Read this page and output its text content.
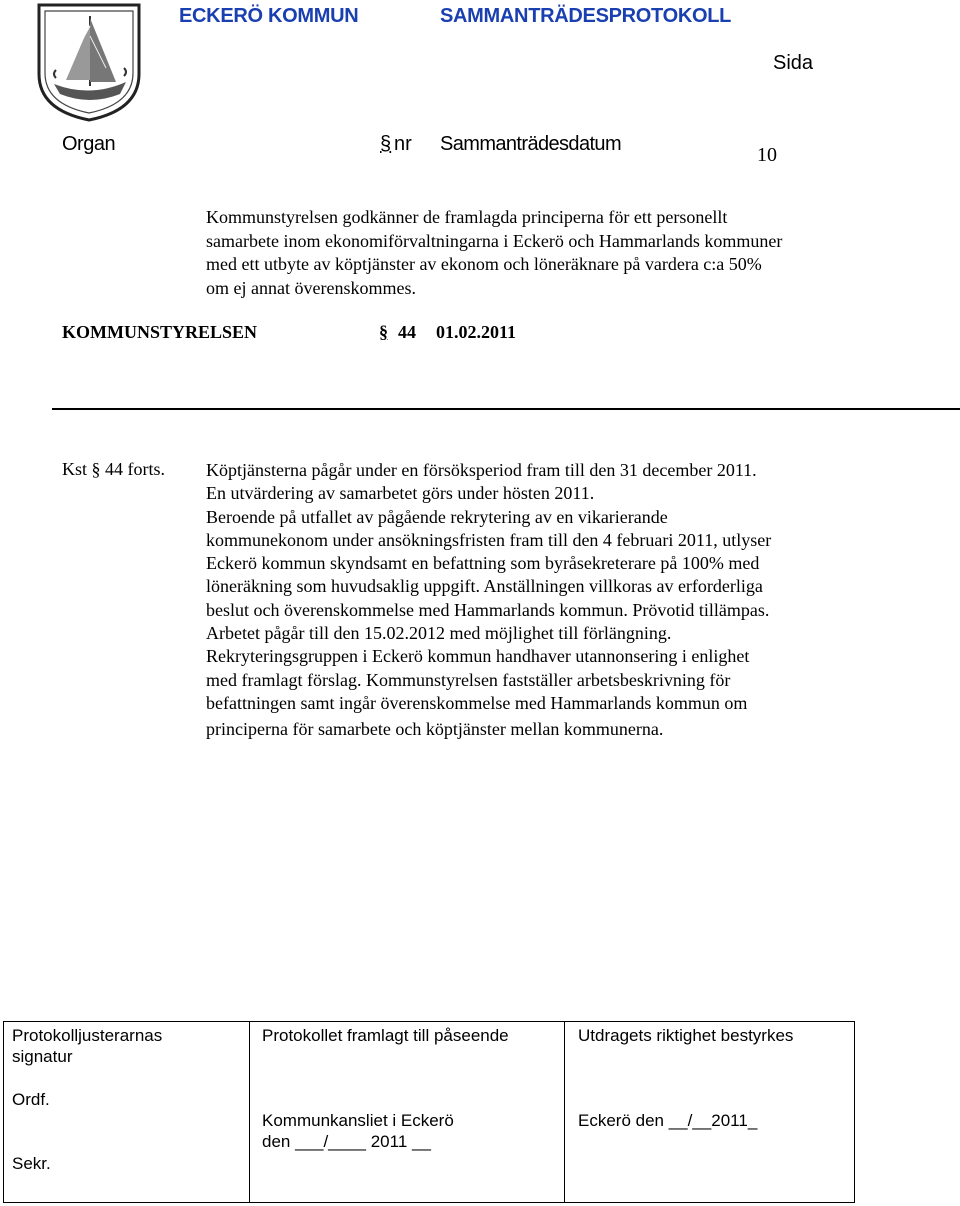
ECKERÖ KOMMUN	SAMMANTRÄDESPROTOKOLL
Sida
Organ	§ nr Sammanträdesdatum	10
Kommunstyrelsen godkänner de framlagda principerna för ett personellt
samarbete inom ekonomiförvaltningarna i Eckerö och Hammarlands kommuner
med ett utbyte av köptjänster av ekonom och löneräknare på vardera c:a 50%
om ej annat överenskommes.
KOMMUNSTYRELSEN	§ 44 01.02.2011
Kst § 44 forts. Köptjänsterna pågår under en försöksperiod fram till den 31 december 2011.
En utvärdering av samarbetet görs under hösten 2011.
Beroende på utfallet av pågående rekrytering av en vikarierande
kommunekonom under ansökningsfristen fram till den 4 februari 2011, utlyser
Eckerö kommun skyndsamt en befattning som byråsekreterare på 100% med
löneräkning som huvudsaklig uppgift. Anställningen villkoras av erforderliga
beslut och överenskommelse med Hammarlands kommun. Prövotid tillämpas.
Arbetet pågår till den 15.02.2012 med möjlighet till förlängning.
Rekryteringsgruppen i Eckerö kommun handhaver utannonsering i enlighet
med framlagt förslag. Kommunstyrelsen fastställer arbetsbeskrivning för
befattningen samt ingår överenskommelse med Hammarlands kommun om
principerna för samarbete och köptjänster mellan kommunerna.
Protokolljusterarnas
signatur
Ordf.
Sekr.
Protokollet framlagt till påseende
Kommunkansliet i Eckerö
den ___/____ 2011 __
Utdragets riktighet bestyrkes
Eckerö den __/__2011_
